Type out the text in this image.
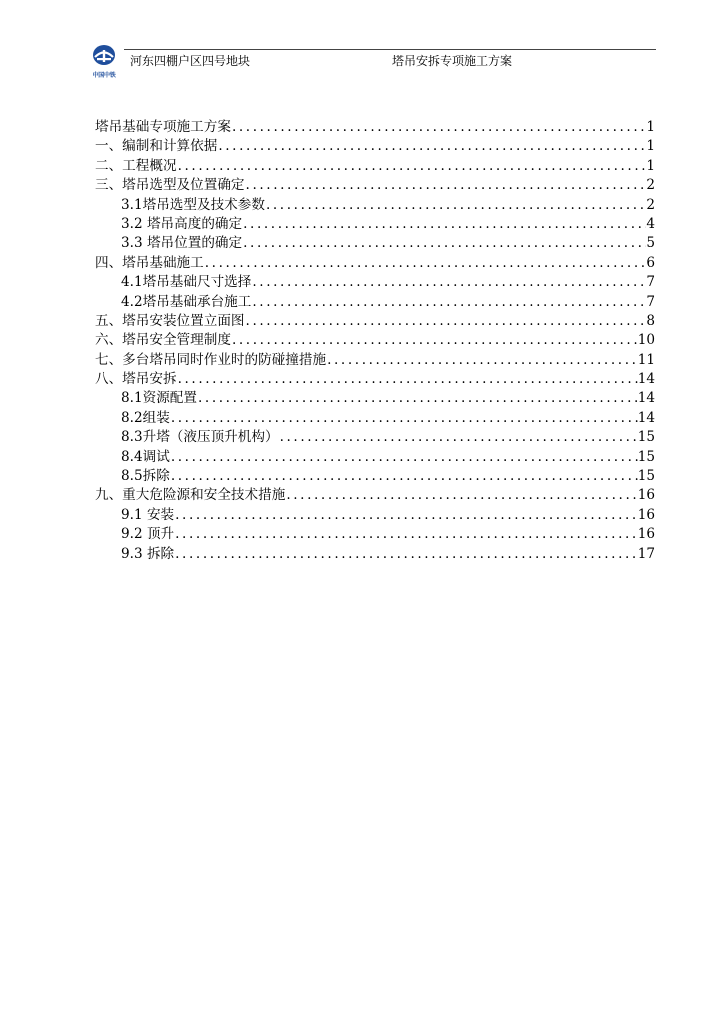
中国中铁
河东四棚户区四号地块	塔吊安拆专项施工方案
塔吊基础专项施工方案 .....	1
一、编制和计算依据 .....	1
二、工程概况 .....	1
三、塔吊选型及位置确定 .....	2
3.1塔吊选型及技术参数 .....	2
3.2 塔吊高度的确定 .....	4
3.3 塔吊位置的确定 .....	5
四、塔吊基础施工 .....	6
4.1塔吊基础尺寸选择 .....	7
4.2塔吊基础承台施工 .....	7
五、塔吊安装位置立面图 .....	8
六、塔吊安全管理制度 .....	10
七、多台塔吊同时作业时的防碰撞措施 .....	11
八、塔吊安拆 .....	14
8.1资源配置 .....	14
8.2组装 .....	14
8.3升塔（液压顶升机构） .....	15
8.4调试 .....	15
8.5拆除 .....	15
九、重大危险源和安全技术措施 .....	16
9.1 安装 .....	16
9.2 顶升 .....	16
9.3 拆除 .....	17
